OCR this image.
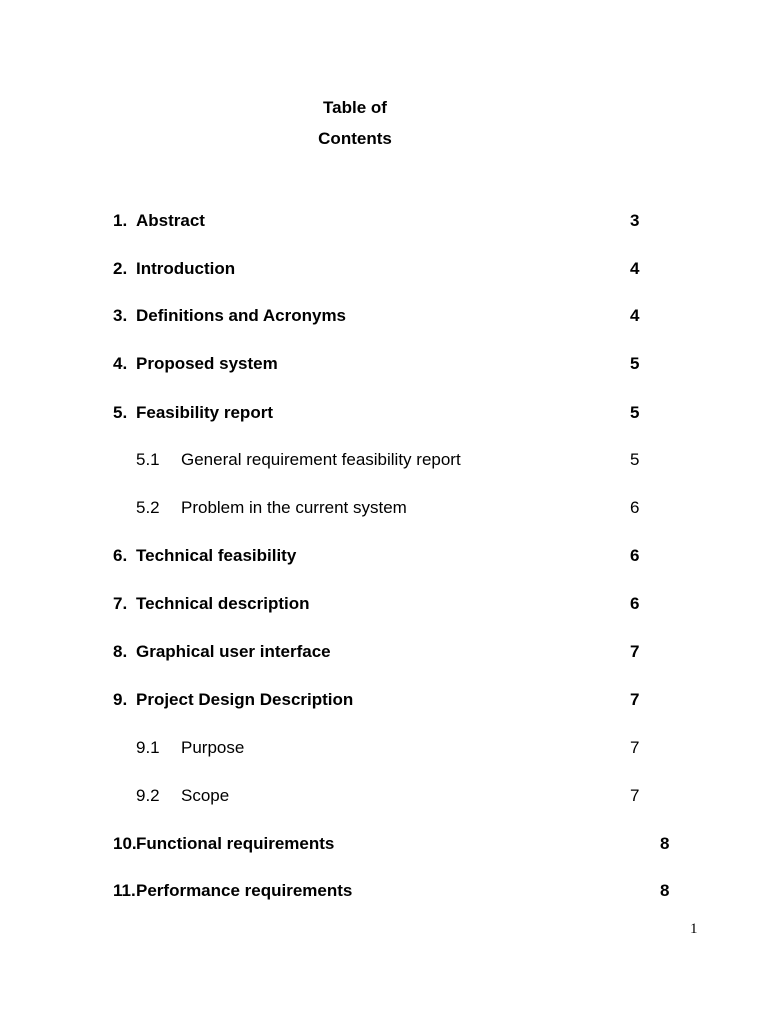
Table of
Contents
1. Abstract	3
2. Introduction	4
3. Definitions and Acronyms	4
4. Proposed system	5
5. Feasibility report	5
5.1 General requirement feasibility report	5
5.2 Problem in the current system	6
6. Technical feasibility	6
7. Technical description	6
8. Graphical user interface	7
9. Project Design Description	7
9.1 Purpose	7
9.2 Scope	7
10. Functional requirements	8
11. Performance requirements	8
1
